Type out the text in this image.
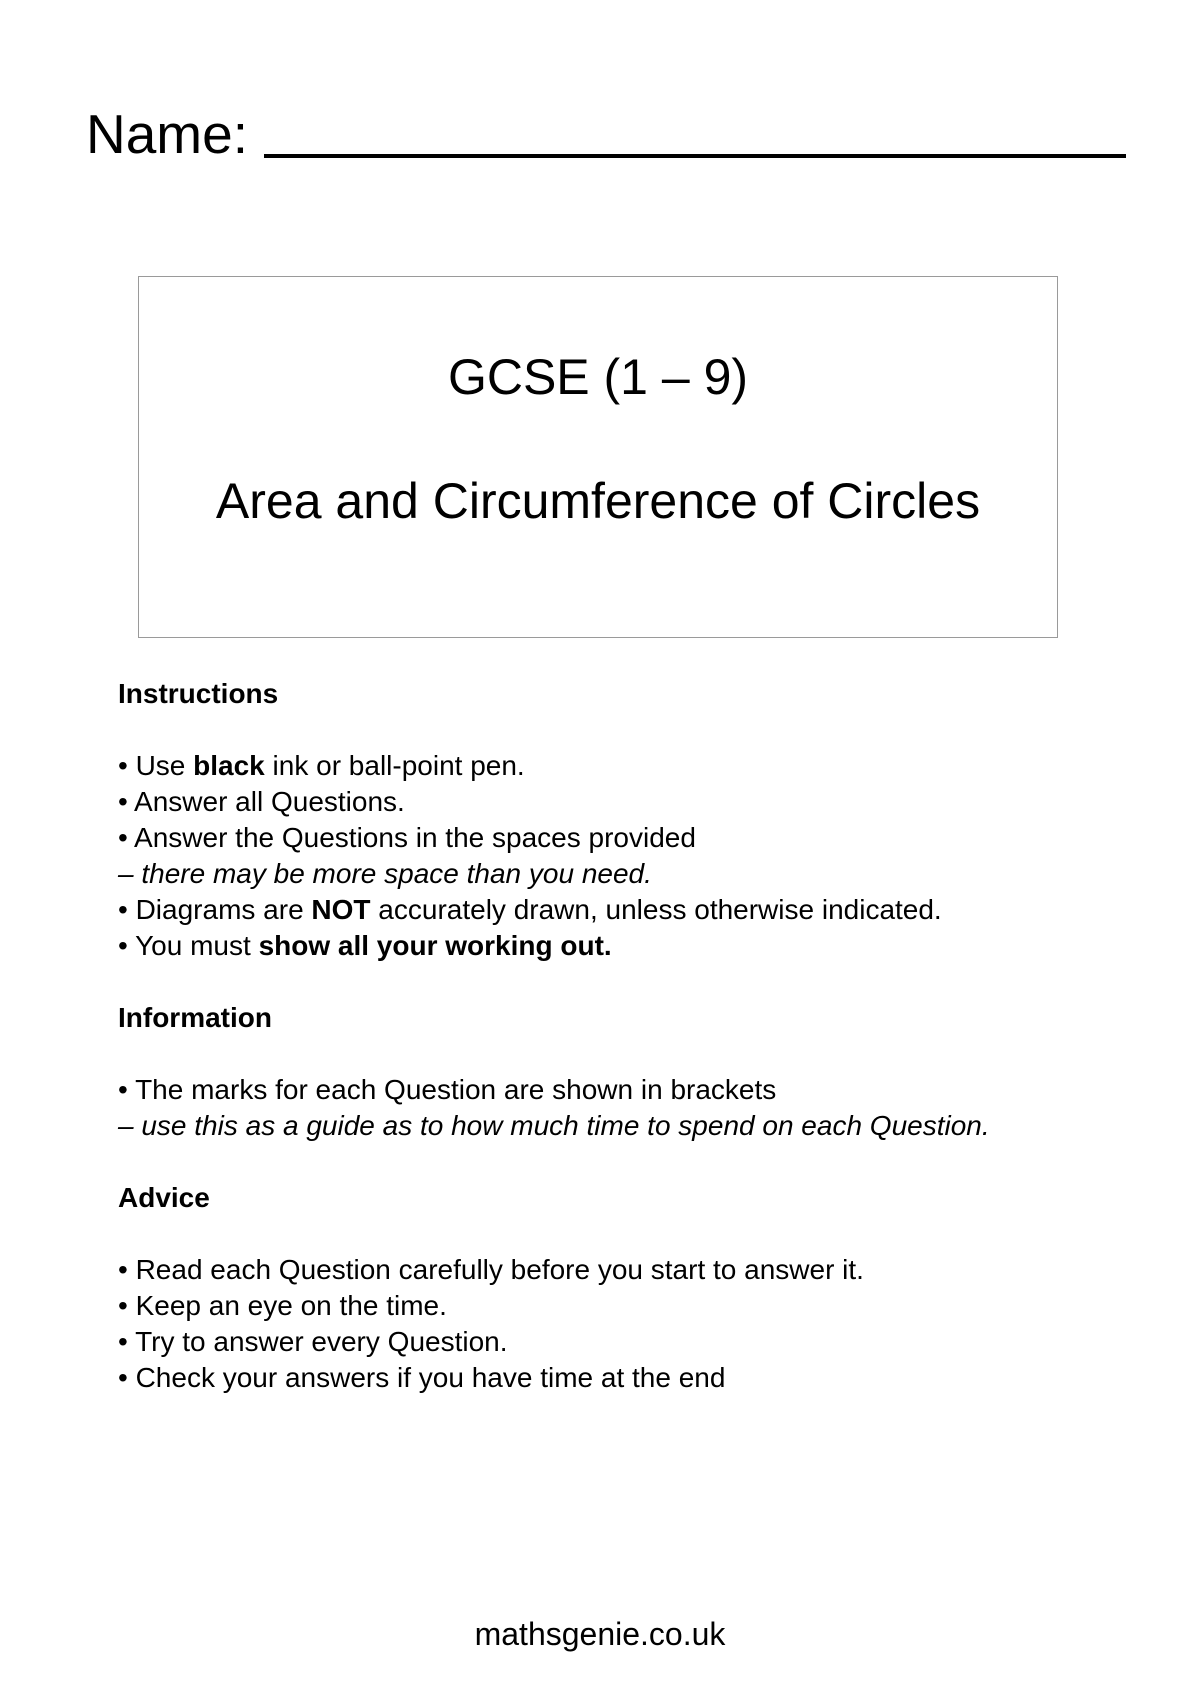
Name:
GCSE (1 – 9)
Area and Circumference of Circles
Instructions
• Use black ink or ball-point pen.
• Answer all Questions.
• Answer the Questions in the spaces provided
– there may be more space than you need.
• Diagrams are NOT accurately drawn, unless otherwise indicated.
• You must show all your working out.
Information
• The marks for each Question are shown in brackets
– use this as a guide as to how much time to spend on each Question.
Advice
• Read each Question carefully before you start to answer it.
• Keep an eye on the time.
• Try to answer every Question.
• Check your answers if you have time at the end
mathsgenie.co.uk
